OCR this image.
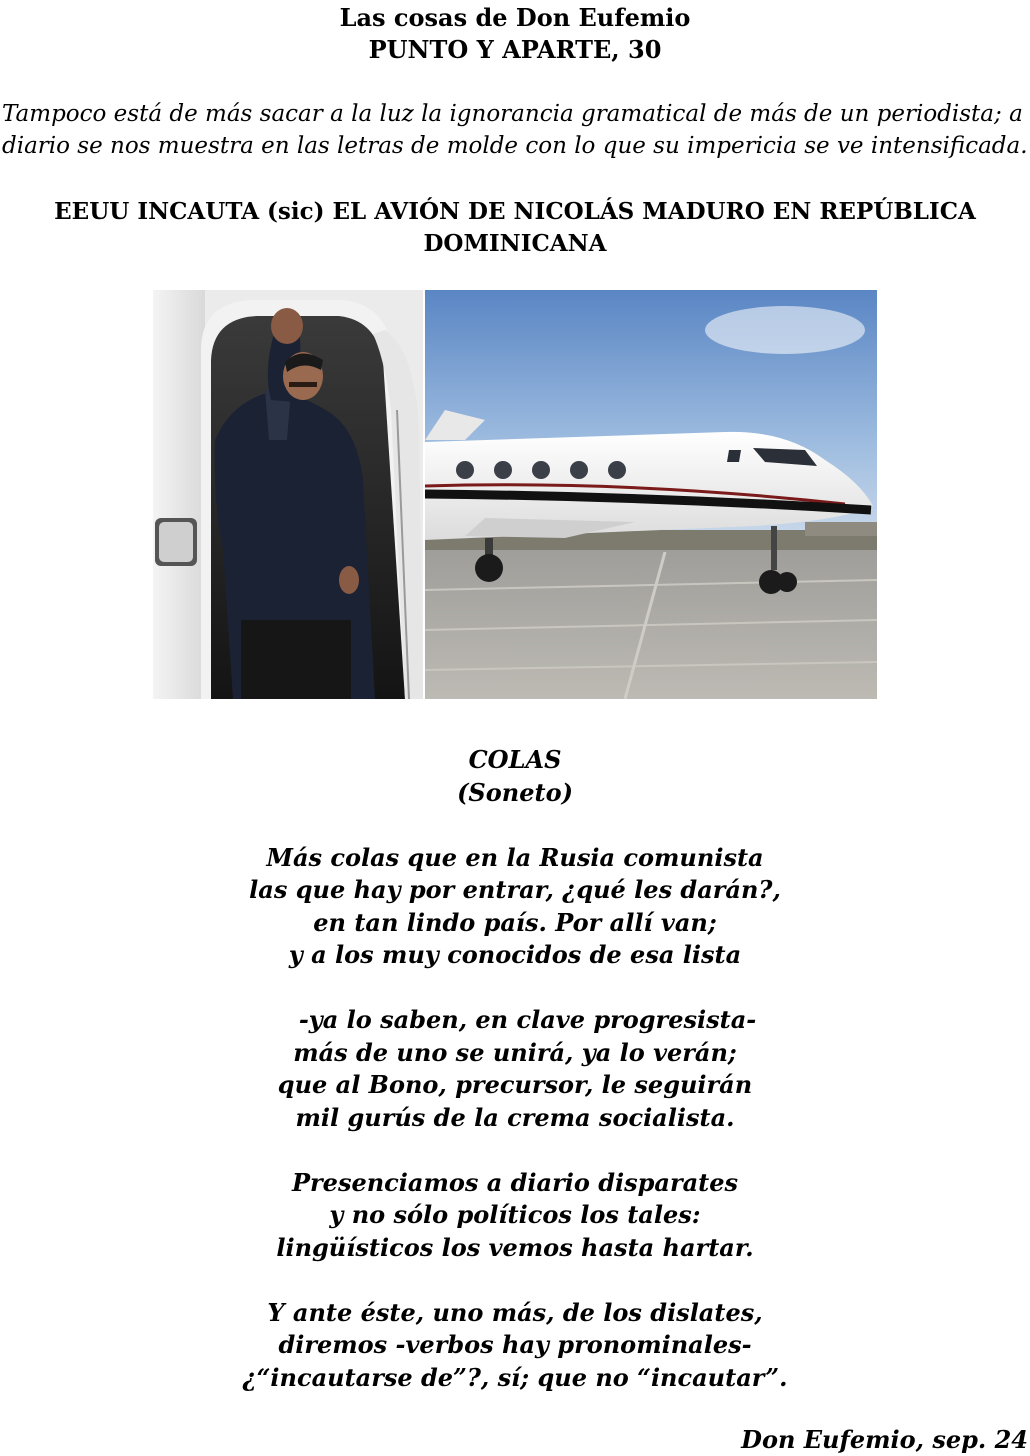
Las cosas de Don Eufemio
PUNTO Y APARTE, 30
Tampoco está de más sacar a la luz la ignorancia gramatical de más de un periodista; a
diario se nos muestra en las letras de molde con lo que su impericia se ve intensificada.
EEUU INCAUTA (sic) EL AVIÓN DE NICOLÁS MADURO EN REPÚBLICA
DOMINICANA
COLAS
(Soneto)
Más colas que en la Rusia comunista
las que hay por entrar, ¿qué les darán?,
en tan lindo país. Por allí van;
y a los muy conocidos de esa lista
-ya lo saben, en clave progresista-
más de uno se unirá, ya lo verán;
que al Bono, precursor, le seguirán
mil gurús de la crema socialista.
Presenciamos a diario disparates
y no sólo políticos los tales:
lingüísticos los vemos hasta hartar.
Y ante éste, uno más, de los dislates,
diremos -verbos hay pronominales-
¿“incautarse de”?, sí; que no “incautar”.
Don Eufemio, sep. 24
